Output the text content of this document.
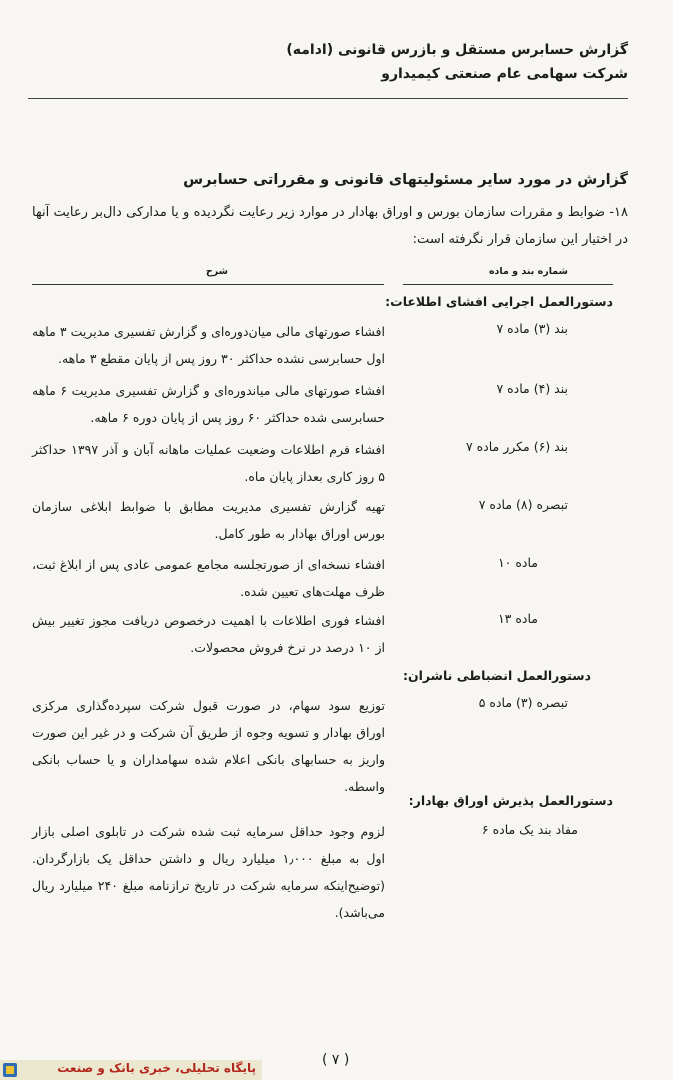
گزارش حسابرس مستقل و بازرس قانونی (ادامه)
شرکت سهامی عام صنعتی کیمیدارو
گزارش در مورد سایر مسئولیتهای قانونی و مقرراتی حسابرس
۱۸- ضوابط و مقررات سازمان بورس و اوراق بهادار در موارد زیر رعایت نگردیده و یا مدارکی دال‌بر رعایت آنها در اختیار این سازمان قرار نگرفته است:
شماره بند و ماده
شرح
دستورالعمل اجرایی افشای اطلاعات:
بند (۳) ماده ۷
افشاء صورتهای مالی میان‌دوره‌ای و گزارش تفسیری مدیریت ۳ ماهه اول حسابرسی نشده حداکثر ۳۰ روز پس از پایان مقطع ۳ ماهه.
بند (۴) ماده ۷
افشاء صورتهای مالی میاندوره‌ای و گزارش تفسیری مدیریت ۶ ماهه حسابرسی شده حداکثر ۶۰ روز پس از پایان دوره ۶ ماهه.
بند (۶) مکرر ماده ۷
افشاء فرم اطلاعات وضعیت عملیات ماهانه آبان و آذر ۱۳۹۷ حداکثر ۵ روز کاری بعداز پایان ماه.
تبصره (۸) ماده ۷
تهیه گزارش تفسیری مدیریت مطابق با ضوابط ابلاغی سازمان بورس اوراق بهادار به طور کامل.
ماده ۱۰
افشاء نسخه‌ای از صورتجلسه مجامع عمومی عادی پس از ابلاغ ثبت، ظرف مهلت‌های تعیین شده.
ماده ۱۳
افشاء فوری اطلاعات با اهمیت درخصوص دریافت مجوز تغییر بیش از ۱۰ درصد در نرخ فروش محصولات.
دستورالعمل انضباطی ناشران:
تبصره (۳) ماده ۵
توزیع سود سهام، در صورت قبول شرکت سپرده‌گذاری مرکزی اوراق بهادار و تسویه وجوه از طریق آن شرکت و در غیر این صورت واریز به حسابهای بانکی اعلام شده سهامداران و یا حساب بانکی واسطه.
دستورالعمل پذیرش اوراق بهادار:
مفاد بند یک ماده ۶
لزوم وجود حداقل سرمایه ثبت شده شرکت در تابلوی اصلی بازار اول به مبلغ ۱٫۰۰۰ میلیارد ریال و داشتن حداقل یک بازارگردان. (توضیح‌اینکه سرمایه شرکت در تاریخ ترازنامه مبلغ ۲۴۰ میلیارد ریال می‌باشد).
( ۷ )
پایگاه تحلیلی، خبری بانک و صنعت
